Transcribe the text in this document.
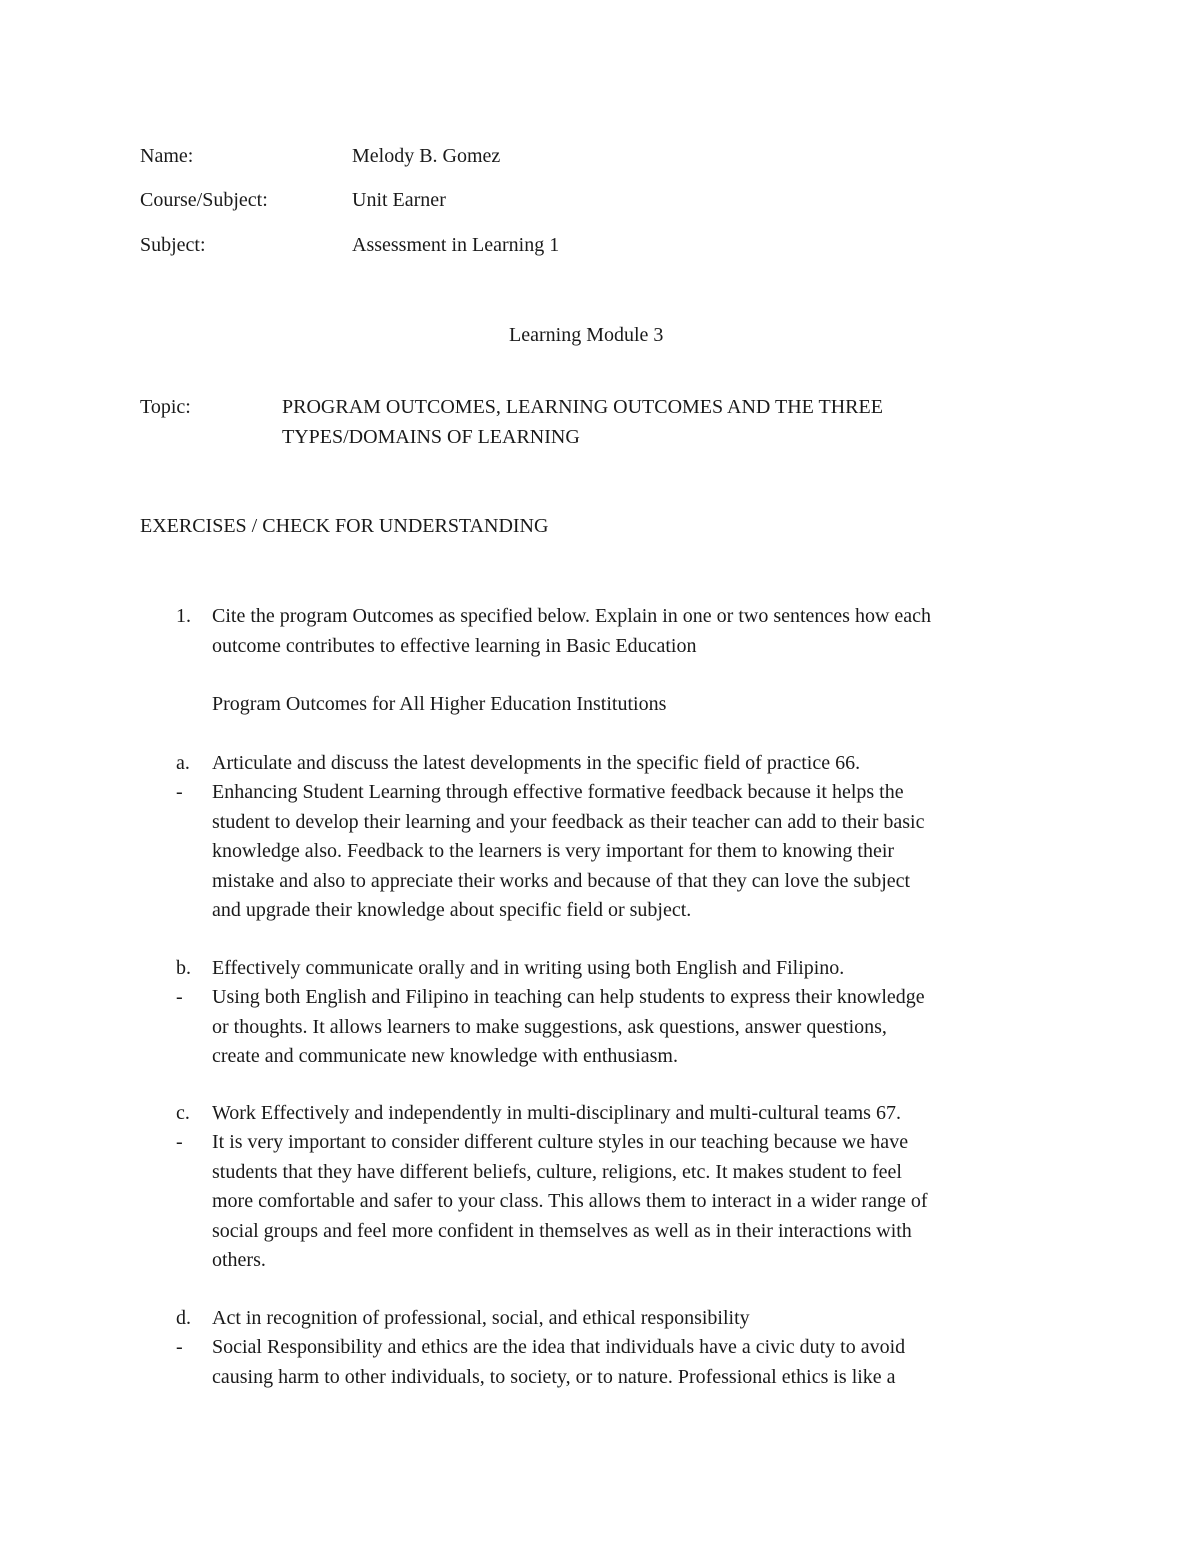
Name:	Melody B. Gomez
Course/Subject:	Unit Earner
Subject:	Assessment in Learning 1
Learning Module 3
Topic:	PROGRAM OUTCOMES, LEARNING OUTCOMES AND THE THREE
TYPES/DOMAINS OF LEARNING
EXERCISES / CHECK FOR UNDERSTANDING
1. Cite the program Outcomes as specified below. Explain in one or two sentences how each
outcome contributes to effective learning in Basic Education
Program Outcomes for All Higher Education Institutions
a. Articulate and discuss the latest developments in the specific field of practice 66.
- Enhancing Student Learning through effective formative feedback because it helps the
student to develop their learning and your feedback as their teacher can add to their basic
knowledge also. Feedback to the learners is very important for them to knowing their
mistake and also to appreciate their works and because of that they can love the subject
and upgrade their knowledge about specific field or subject.
b. Effectively communicate orally and in writing using both English and Filipino.
- Using both English and Filipino in teaching can help students to express their knowledge
or thoughts. It allows learners to make suggestions, ask questions, answer questions,
create and communicate new knowledge with enthusiasm.
c. Work Effectively and independently in multi-disciplinary and multi-cultural teams 67.
- It is very important to consider different culture styles in our teaching because we have
students that they have different beliefs, culture, religions, etc. It makes student to feel
more comfortable and safer to your class. This allows them to interact in a wider range of
social groups and feel more confident in themselves as well as in their interactions with
others.
d. Act in recognition of professional, social, and ethical responsibility
- Social Responsibility and ethics are the idea that individuals have a civic duty to avoid
causing harm to other individuals, to society, or to nature. Professional ethics is like a
